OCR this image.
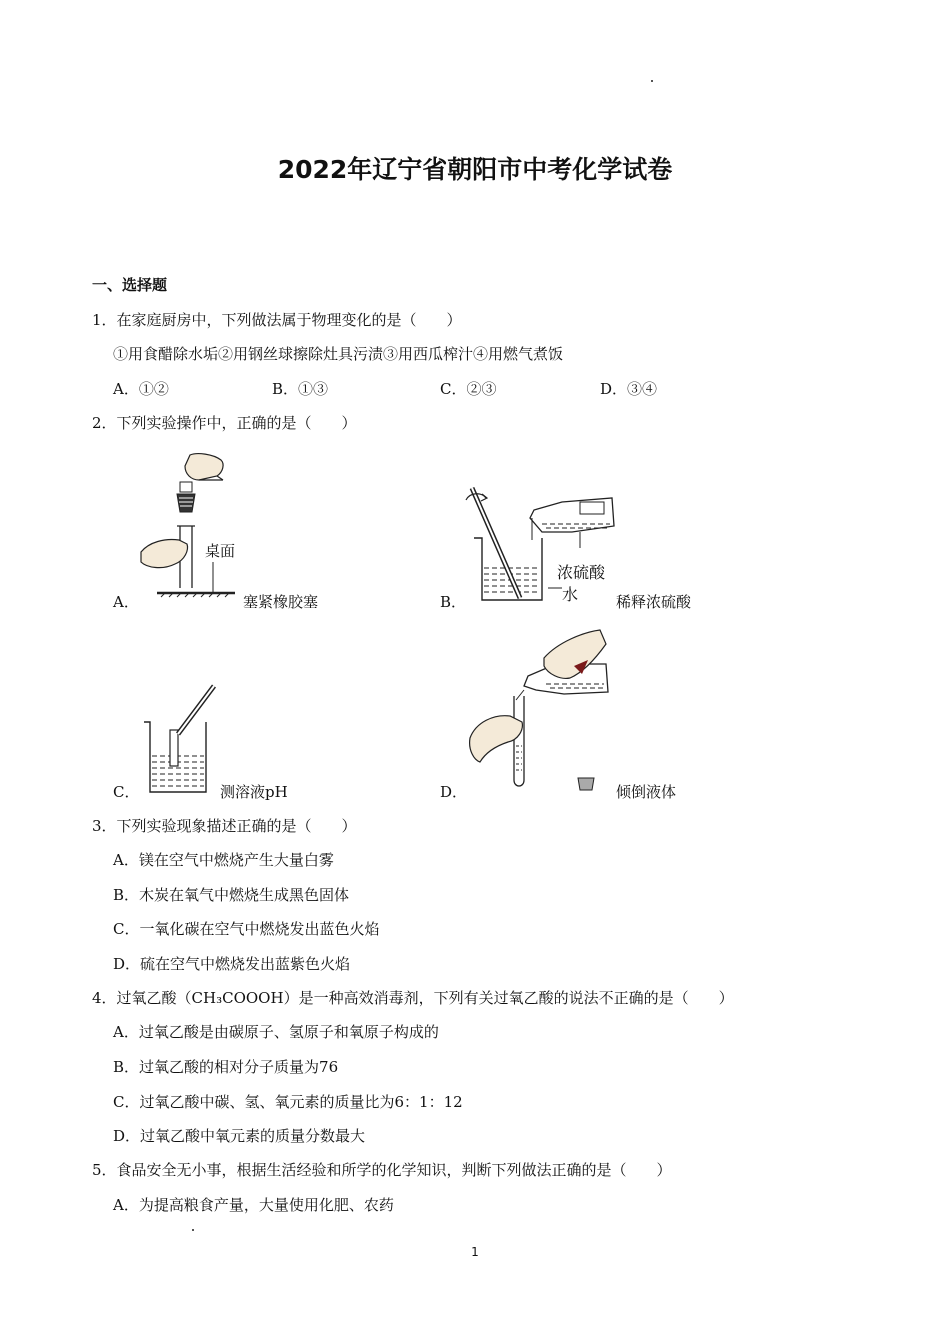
2022年辽宁省朝阳市中考化学试卷
一、选择题
1．在家庭厨房中，下列做法属于物理变化的是（　　）
①用食醋除水垢②用钢丝球擦除灶具污渍③用西瓜榨汁④用燃气煮饭
A．①②	B．①③	C．②③	D．③④
2．下列实验操作中，正确的是（　　）
A．
桌面
塞紧橡胶塞	B．
浓硫酸
水	稀释浓硫酸
C．	测溶液pH	D．	倾倒液体
3．下列实验现象描述正确的是（　　）
A．镁在空气中燃烧产生大量白雾
B．木炭在氧气中燃烧生成黑色固体
C．一氧化碳在空气中燃烧发出蓝色火焰
D．硫在空气中燃烧发出蓝紫色火焰
4．过氧乙酸（CH₃COOOH）是一种高效消毒剂，下列有关过氧乙酸的说法不正确的是（　　）
A．过氧乙酸是由碳原子、氢原子和氧原子构成的
B．过氧乙酸的相对分子质量为76
C．过氧乙酸中碳、氢、氧元素的质量比为6：1：12
D．过氧乙酸中氧元素的质量分数最大
5．食品安全无小事，根据生活经验和所学的化学知识，判断下列做法正确的是（　　）
A．为提高粮食产量，大量使用化肥、农药
1
